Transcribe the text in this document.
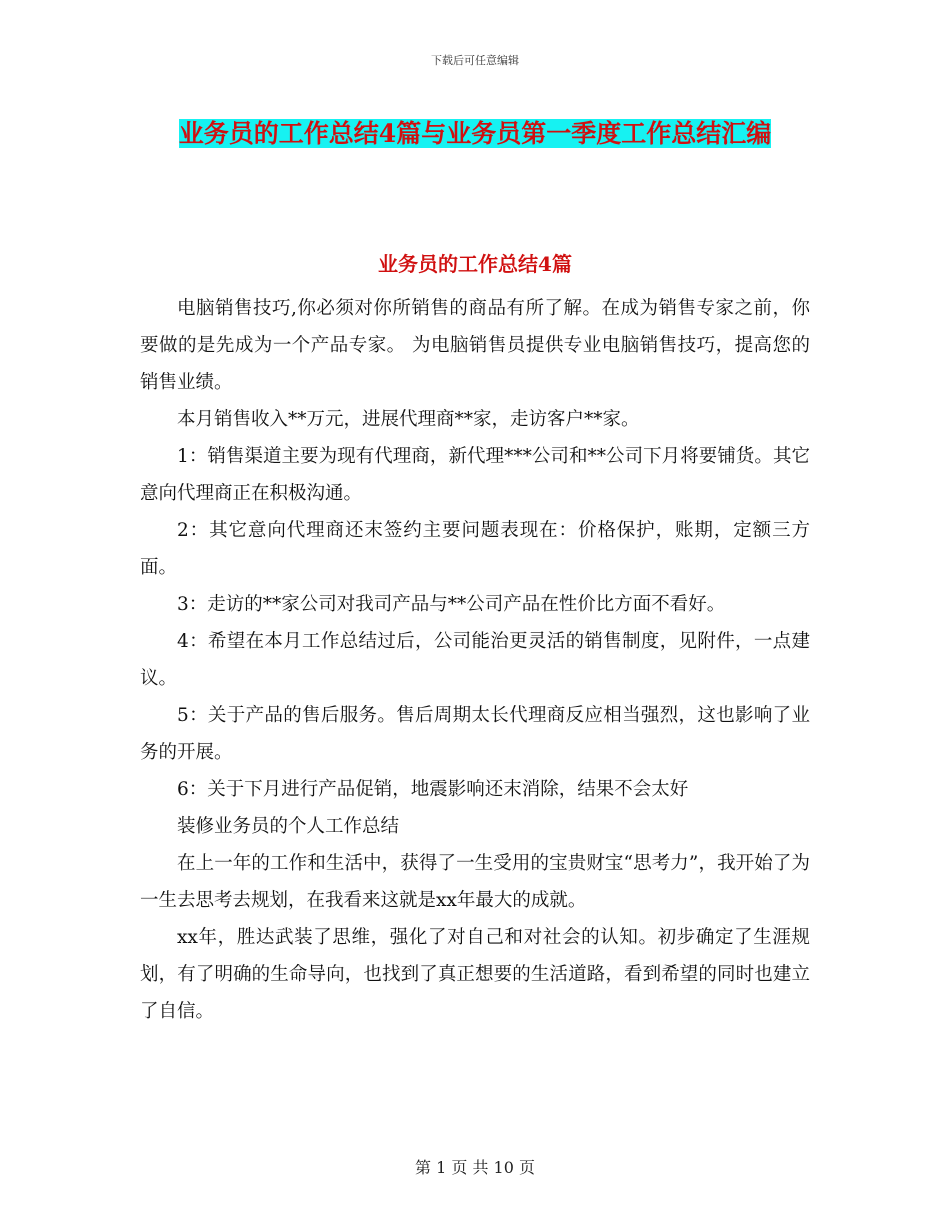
下载后可任意编辑
业务员的工作总结4篇与业务员第一季度工作总结汇编
业务员的工作总结4篇

电脑销售技巧,你必须对你所销售的商品有所了解。在成为销售专家之前，你要做的是先成为一个产品专家。 为电脑销售员提供专业电脑销售技巧，提高您的销售业绩。

本月销售收入**万元，进展代理商**家，走访客户**家。

1：销售渠道主要为现有代理商，新代理***公司和**公司下月将要铺货。其它意向代理商正在积极沟通。

2：其它意向代理商还末签约主要问题表现在：价格保护，账期，定额三方面。

3：走访的**家公司对我司产品与**公司产品在性价比方面不看好。

4：希望在本月工作总结过后，公司能治更灵活的销售制度，见附件，一点建议。

5：关于产品的售后服务。售后周期太长代理商反应相当强烈，这也影响了业务的开展。

6：关于下月进行产品促销，地震影响还末消除，结果不会太好

装修业务员的个人工作总结

在上一年的工作和生活中，获得了一生受用的宝贵财宝“思考力”，我开始了为一生去思考去规划，在我看来这就是xx年最大的成就。

xx年，胜达武装了思维，强化了对自己和对社会的认知。初步确定了生涯规划，有了明确的生命导向，也找到了真正想要的生活道路，看到希望的同时也建立了自信。

第 1 页 共 10 页
